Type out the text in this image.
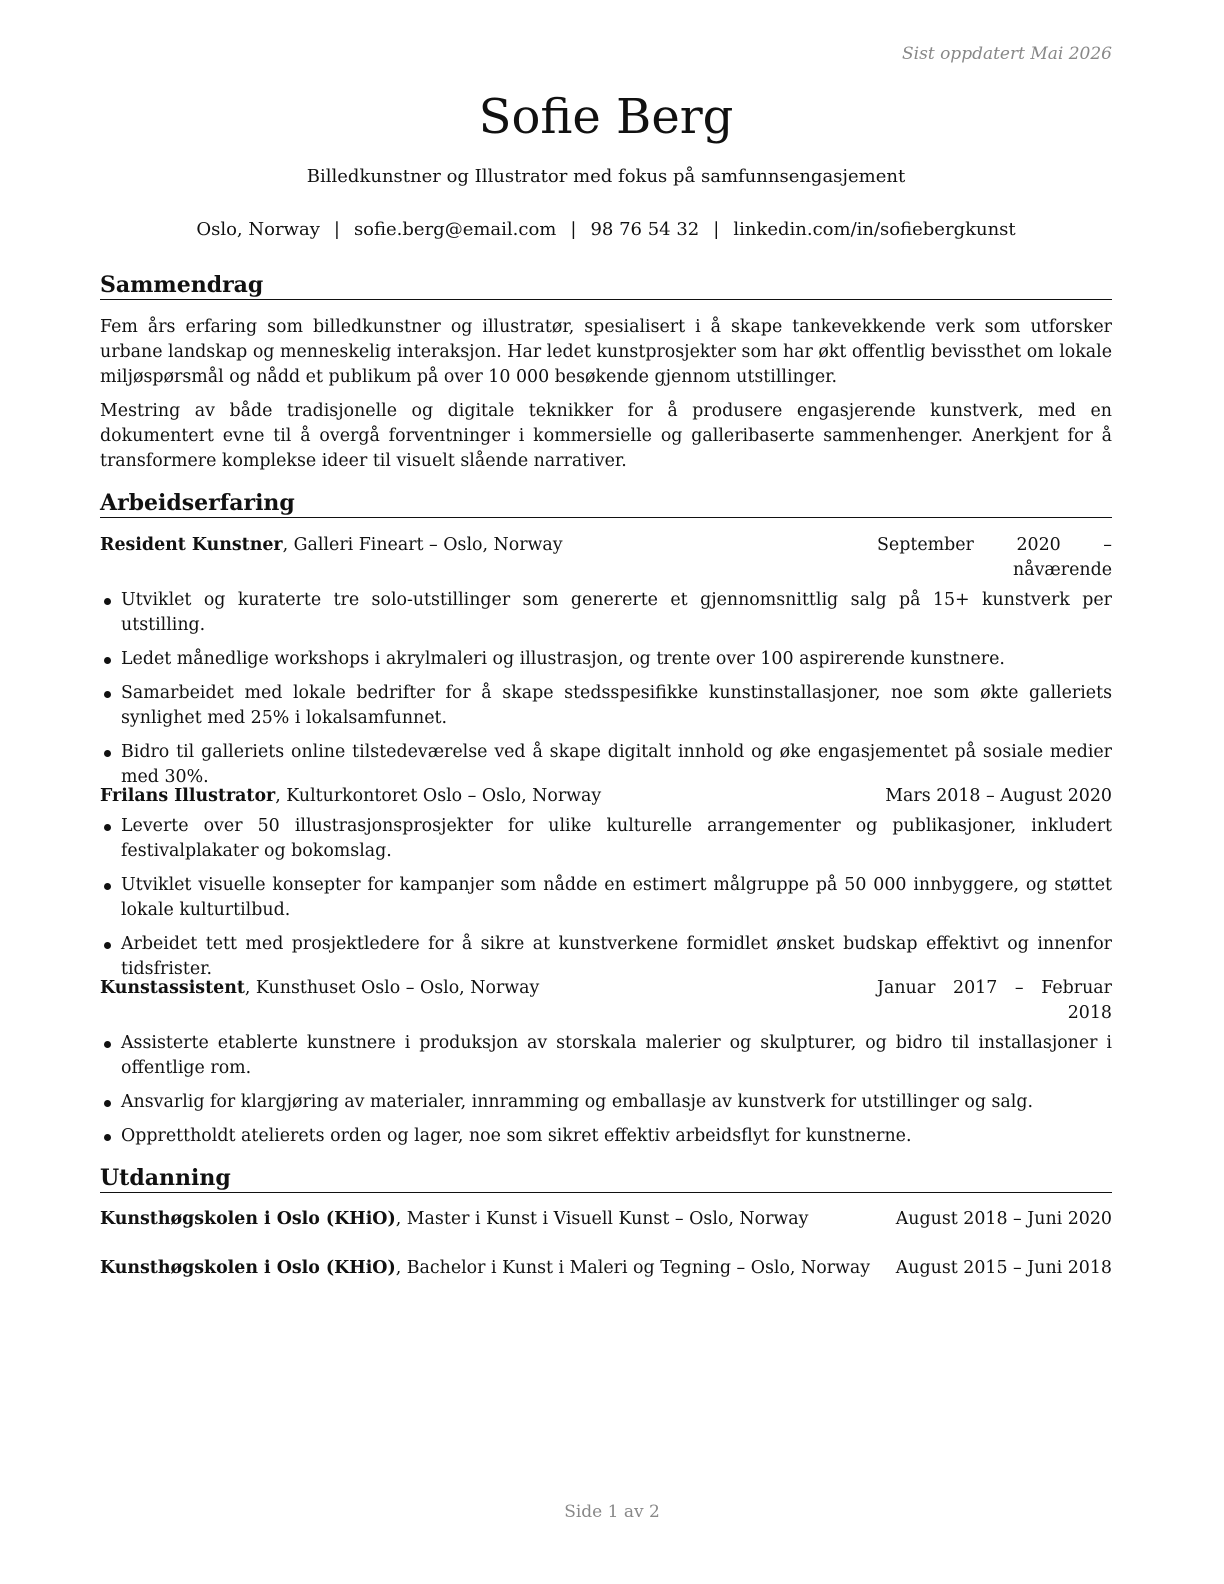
Sist oppdatert Mai 2026
Sofie Berg
Billedkunstner og Illustrator med fokus på samfunnsengasjement
Oslo, Norway | sofie.berg@email.com | 98 76 54 32 | linkedin.com/in/sofiebergkunst
Sammendrag

Fem års erfaring som billedkunstner og illustratør, spesialisert i å skape tankevekkende verk som utforsker urbane landskap og menneskelig interaksjon. Har ledet kunstprosjekter som har økt offentlig bevissthet om lokale miljøspørsmål og nådd et publikum på over 10 000 besøkende gjennom utstillinger.

Mestring av både tradisjonelle og digitale teknikker for å produsere engasjerende kunstverk, med en dokumentert evne til å overgå forventninger i kommersielle og galleribaserte sammenhenger. Anerkjent for å transformere komplekse ideer til visuelt slående narrativer.

Arbeidserfaring
Resident Kunstner, Galleri Fineart – Oslo, Norway	September 2020 – nåværende
Utviklet og kuraterte tre solo-utstillinger som genererte et gjennomsnittlig salg på 15+ kunstverk per utstilling.
Ledet månedlige workshops i akrylmaleri og illustrasjon, og trente over 100 aspirerende kunstnere.
Samarbeidet med lokale bedrifter for å skape stedsspesifikke kunstinstallasjoner, noe som økte galleriets synlighet med 25% i lokalsamfunnet.
Bidro til galleriets online tilstedeværelse ved å skape digitalt innhold og øke engasjementet på sosiale medier med 30%.
Frilans Illustrator, Kulturkontoret Oslo – Oslo, Norway	Mars 2018 – August 2020
Leverte over 50 illustrasjonsprosjekter for ulike kulturelle arrangementer og publikasjoner, inkludert festivalplakater og bokomslag.
Utviklet visuelle konsepter for kampanjer som nådde en estimert målgruppe på 50 000 innbyggere, og støttet lokale kulturtilbud.
Arbeidet tett med prosjektledere for å sikre at kunstverkene formidlet ønsket budskap effektivt og innenfor tidsfrister.
Kunstassistent, Kunsthuset Oslo – Oslo, Norway	Januar 2017 – Februar 2018
Assisterte etablerte kunstnere i produksjon av storskala malerier og skulpturer, og bidro til installasjoner i offentlige rom.
Ansvarlig for klargjøring av materialer, innramming og emballasje av kunstverk for utstillinger og salg.
Opprettholdt atelierets orden og lager, noe som sikret effektiv arbeidsflyt for kunstnerne.
Utdanning
Kunsthøgskolen i Oslo (KHiO), Master i Kunst i Visuell Kunst – Oslo, Norway	August 2018 – Juni 2020
Kunsthøgskolen i Oslo (KHiO), Bachelor i Kunst i Maleri og Tegning – Oslo, Norway August 2015 – Juni 2018
Side 1 av 2
